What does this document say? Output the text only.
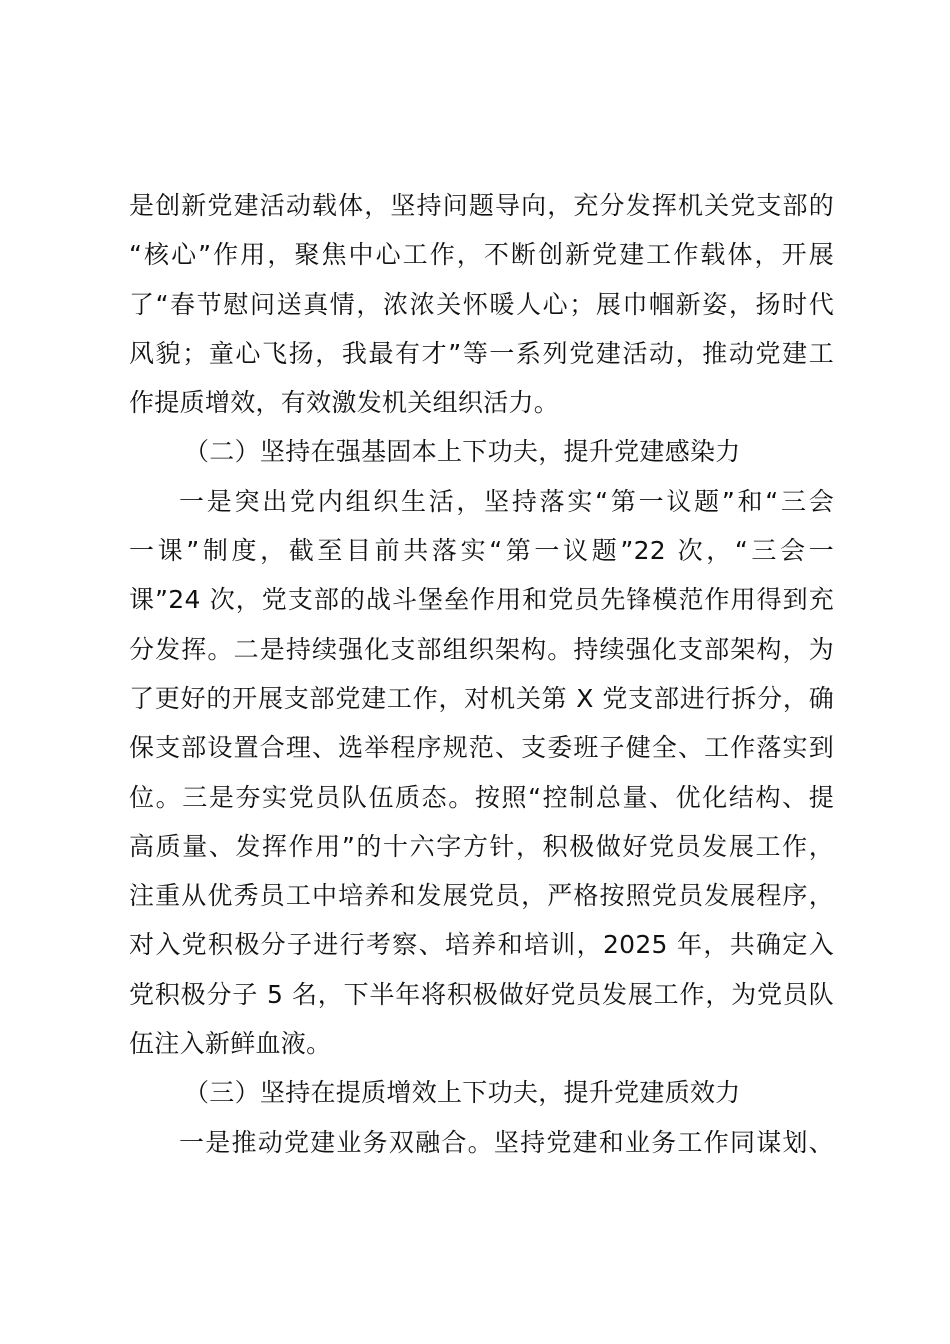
是创新党建活动载体，坚持问题导向，充分发挥机关党支部的
“核心”作用，聚焦中心工作，不断创新党建工作载体，开展
了“春节慰问送真情，浓浓关怀暖人心；展巾帼新姿，扬时代
风貌；童心飞扬，我最有才”等一系列党建活动，推动党建工
作提质增效，有效激发机关组织活力。
（二）坚持在强基固本上下功夫，提升党建感染力
一是突出党内组织生活，坚持落实“第一议题”和“三会
一课”制度，截至目前共落实“第一议题”22 次，“三会一
课”24 次，党支部的战斗堡垒作用和党员先锋模范作用得到充
分发挥。二是持续强化支部组织架构。持续强化支部架构，为
了更好的开展支部党建工作，对机关第 X 党支部进行拆分，确
保支部设置合理、选举程序规范、支委班子健全、工作落实到
位。三是夯实党员队伍质态。按照“控制总量、优化结构、提
高质量、发挥作用”的十六字方针，积极做好党员发展工作，
注重从优秀员工中培养和发展党员，严格按照党员发展程序，
对入党积极分子进行考察、培养和培训，2025 年，共确定入
党积极分子 5 名，下半年将积极做好党员发展工作，为党员队
伍注入新鲜血液。
（三）坚持在提质增效上下功夫，提升党建质效力
一是推动党建业务双融合。坚持党建和业务工作同谋划、
